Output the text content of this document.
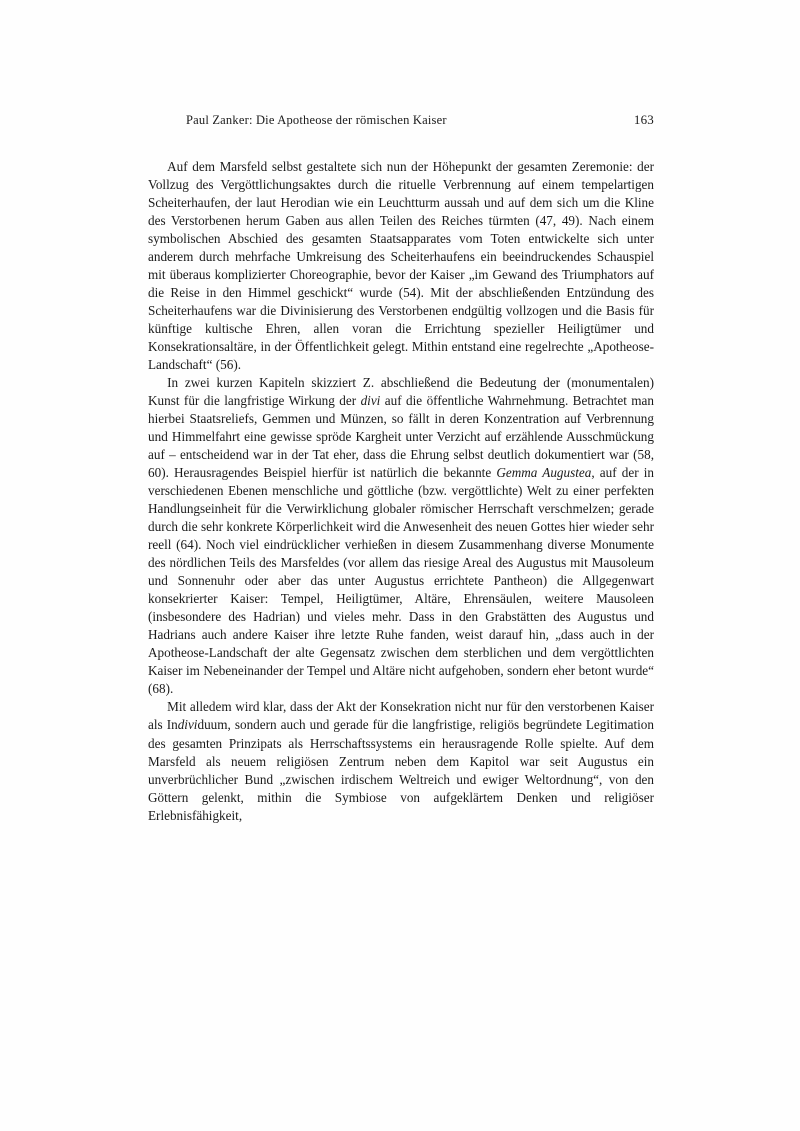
Paul Zanker: Die Apotheose der römischen Kaiser	163

Auf dem Marsfeld selbst gestaltete sich nun der Höhepunkt der gesamten Zeremonie: der Vollzug des Vergöttlichungsaktes durch die rituelle Verbrennung auf einem tempelartigen Scheiterhaufen, der laut Herodian wie ein Leuchtturm aussah und auf dem sich um die Kline des Verstorbenen herum Gaben aus allen Teilen des Reiches türmten (47, 49). Nach einem symbolischen Abschied des gesamten Staatsapparates vom Toten entwickelte sich unter anderem durch mehrfache Umkreisung des Scheiterhaufens ein beeindruckendes Schauspiel mit überaus komplizierter Choreographie, bevor der Kaiser „im Gewand des Triumphators auf die Reise in den Himmel geschickt“ wurde (54). Mit der abschließenden Entzündung des Scheiterhaufens war die Divinisierung des Verstorbenen endgültig vollzogen und die Basis für künftige kultische Ehren, allen voran die Errichtung spezieller Heiligtümer und Konsekrationsaltäre, in der Öffentlichkeit gelegt. Mithin entstand eine regelrechte „Apotheose-Landschaft“ (56).

In zwei kurzen Kapiteln skizziert Z. abschließend die Bedeutung der (monumentalen) Kunst für die langfristige Wirkung der divi auf die öffentliche Wahrnehmung. Betrachtet man hierbei Staatsreliefs, Gemmen und Münzen, so fällt in deren Konzentration auf Verbrennung und Himmelfahrt eine gewisse spröde Kargheit unter Verzicht auf erzählende Ausschmückung auf – entscheidend war in der Tat eher, dass die Ehrung selbst deutlich dokumentiert war (58, 60). Herausragendes Beispiel hierfür ist natürlich die bekannte Gemma Augustea, auf der in verschiedenen Ebenen menschliche und göttliche (bzw. vergöttlichte) Welt zu einer perfekten Handlungseinheit für die Verwirklichung globaler römischer Herrschaft verschmelzen; gerade durch die sehr konkrete Körperlichkeit wird die Anwesenheit des neuen Gottes hier wieder sehr reell (64). Noch viel eindrücklicher verhießen in diesem Zusammenhang diverse Monumente des nördlichen Teils des Marsfeldes (vor allem das riesige Areal des Augustus mit Mausoleum und Sonnenuhr oder aber das unter Augustus errichtete Pantheon) die Allgegenwart konsekrierter Kaiser: Tempel, Heiligtümer, Altäre, Ehrensäulen, weitere Mausoleen (insbesondere des Hadrian) und vieles mehr. Dass in den Grabstätten des Augustus und Hadrians auch andere Kaiser ihre letzte Ruhe fanden, weist darauf hin, „dass auch in der Apotheose-Landschaft der alte Gegensatz zwischen dem sterblichen und dem vergöttlichten Kaiser im Nebeneinander der Tempel und Altäre nicht aufgehoben, sondern eher betont wurde“ (68).

Mit alledem wird klar, dass der Akt der Konsekration nicht nur für den verstorbenen Kaiser als Individuum, sondern auch und gerade für die langfristige, religiös begründete Legitimation des gesamten Prinzipats als Herrschaftssystems ein herausragende Rolle spielte. Auf dem Marsfeld als neuem religiösen Zentrum neben dem Kapitol war seit Augustus ein unverbrüchlicher Bund „zwischen irdischem Weltreich und ewiger Weltordnung“, von den Göttern gelenkt, mithin die Symbiose von aufgeklärtem Denken und religiöser Erlebnisfähigkeit,
